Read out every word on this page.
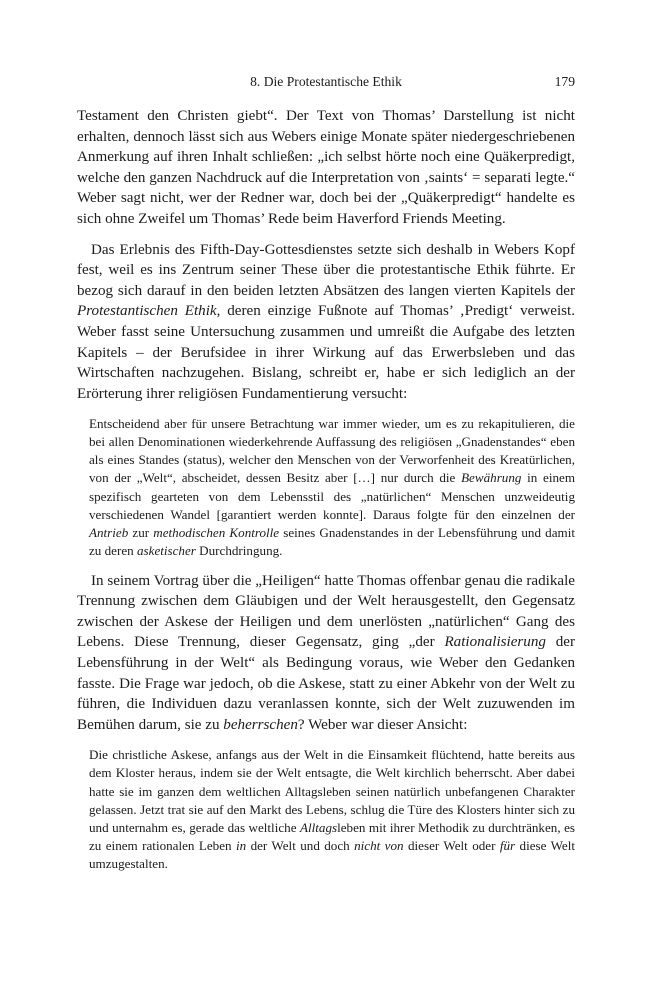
8. Die Protestantische Ethik	179

Testament den Christen giebt“. Der Text von Thomas’ Darstellung ist nicht erhalten, dennoch lässt sich aus Webers einige Monate später niedergeschriebenen Anmerkung auf ihren Inhalt schließen: „ich selbst hörte noch eine Quäkerpredigt, welche den ganzen Nachdruck auf die Interpretation von ‚saints‘ = separati legte.“ Weber sagt nicht, wer der Redner war, doch bei der „Quäkerpredigt“ handelte es sich ohne Zweifel um Thomas’ Rede beim Haverford Friends Meeting.

Das Erlebnis des Fifth-Day-Gottesdienstes setzte sich deshalb in Webers Kopf fest, weil es ins Zentrum seiner These über die protestantische Ethik führte. Er bezog sich darauf in den beiden letzten Absätzen des langen vierten Kapitels der Protestantischen Ethik, deren einzige Fußnote auf Thomas’ ‚Predigt‘ verweist. Weber fasst seine Untersuchung zusammen und umreißt die Aufgabe des letzten Kapitels – der Berufsidee in ihrer Wirkung auf das Erwerbsleben und das Wirtschaften nachzugehen. Bislang, schreibt er, habe er sich lediglich an der Erörterung ihrer religiösen Fundamentierung versucht:

Entscheidend aber für unsere Betrachtung war immer wieder, um es zu rekapitulieren, die bei allen Denominationen wiederkehrende Auffassung des religiösen „Gnadenstandes“ eben als eines Standes (status), welcher den Menschen von der Verworfenheit des Kreatürlichen, von der „Welt“, abscheidet, dessen Besitz aber […] nur durch die Bewährung in einem spezifisch gearteten von dem Lebensstil des „natürlichen“ Menschen unzweideutig verschiedenen Wandel [garantiert werden konnte]. Daraus folgte für den einzelnen der Antrieb zur methodischen Kontrolle seines Gnadenstandes in der Lebensführung und damit zu deren asketischer Durchdringung.

In seinem Vortrag über die „Heiligen“ hatte Thomas offenbar genau die radikale Trennung zwischen dem Gläubigen und der Welt herausgestellt, den Gegensatz zwischen der Askese der Heiligen und dem unerlösten „natürlichen“ Gang des Lebens. Diese Trennung, dieser Gegensatz, ging „der Rationalisierung der Lebensführung in der Welt“ als Bedingung voraus, wie Weber den Gedanken fasste. Die Frage war jedoch, ob die Askese, statt zu einer Abkehr von der Welt zu führen, die Individuen dazu veranlassen konnte, sich der Welt zuzuwenden im Bemühen darum, sie zu beherrschen? Weber war dieser Ansicht:

Die christliche Askese, anfangs aus der Welt in die Einsamkeit flüchtend, hatte bereits aus dem Kloster heraus, indem sie der Welt entsagte, die Welt kirchlich beherrscht. Aber dabei hatte sie im ganzen dem weltlichen Alltagsleben seinen natürlich unbefangenen Charakter gelassen. Jetzt trat sie auf den Markt des Lebens, schlug die Türe des Klosters hinter sich zu und unternahm es, gerade das weltliche Alltagsleben mit ihrer Methodik zu durchtränken, es zu einem rationalen Leben in der Welt und doch nicht von dieser Welt oder für diese Welt umzugestalten.
